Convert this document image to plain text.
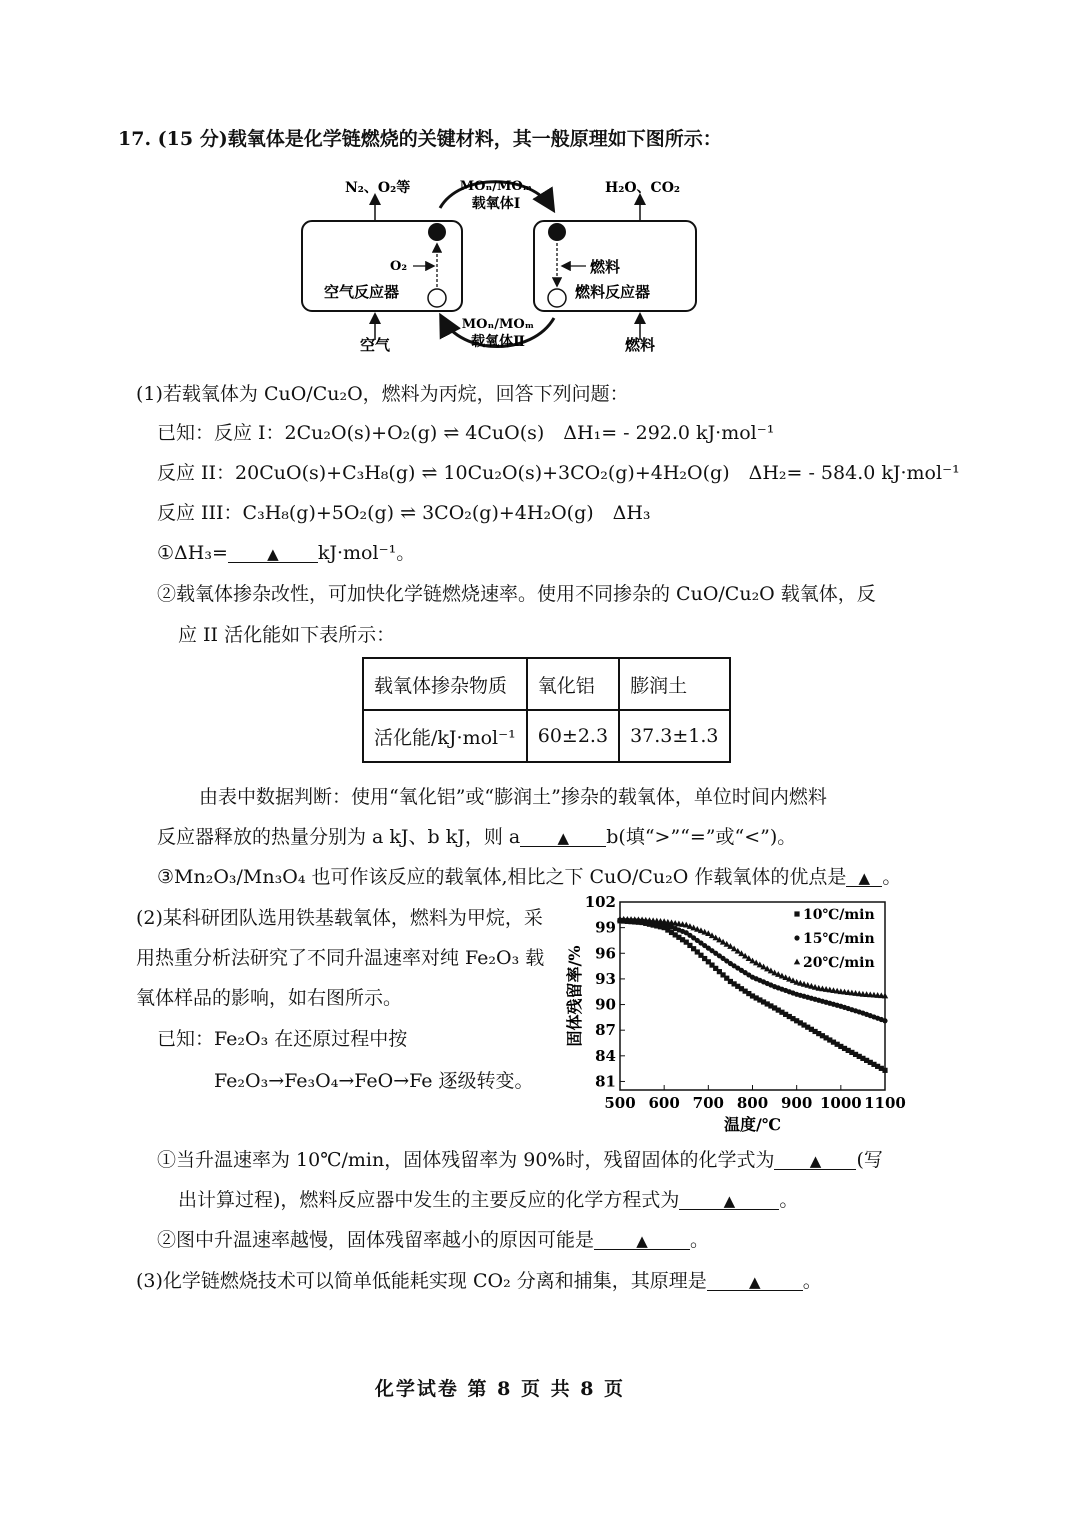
17. (15 分)载氧体是化学链燃烧的关键材料，其一般原理如下图所示：
N₂、O₂等	H₂O、CO₂
MOₙ/MOₘ
载氧体Ⅰ
MOₙ/MOₘ
载氧体Ⅱ
O₂
空气反应器
燃料
燃料反应器
空气	燃料
(1)若载氧体为 CuO/Cu₂O，燃料为丙烷，回答下列问题：
已知：反应 I：2Cu₂O(s)+O₂(g) ⇌ 4CuO(s)　ΔH₁= - 292.0 kJ·mol⁻¹
反应 II：20CuO(s)+C₃H₈(g) ⇌ 10Cu₂O(s)+3CO₂(g)+4H₂O(g)　ΔH₂= - 584.0 kJ·mol⁻¹
反应 III：C₃H₈(g)+5O₂(g) ⇌ 3CO₂(g)+4H₂O(g)　ΔH₃
①ΔH₃=	▲ kJ·mol⁻¹。
②载氧体掺杂改性，可加快化学链燃烧速率。使用不同掺杂的 CuO/Cu₂O 载氧体，反
应 II 活化能如下表所示：
载氧体掺杂物质	氧化铝	膨润土
活化能/kJ·mol⁻¹	60±2.3	37.3±1.3
由表中数据判断：使用“氧化铝”或“膨润土”掺杂的载氧体，单位时间内燃料
反应器释放的热量分别为 a kJ、b kJ，则 a ▲ b(填“>”“=”或“<”)。
③Mn₂O₃/Mn₃O₄ 也可作该反应的载氧体,相比之下 CuO/Cu₂O 作载氧体的优点是 ▲ 。
(2)某科研团队选用铁基载氧体，燃料为甲烷，采
用热重分析法研究了不同升温速率对纯 Fe₂O₃ 载
氧体样品的影响，如右图所示。
已知：Fe₂O₃ 在还原过程中按
Fe₂O₃→Fe₃O₄→FeO→Fe 逐级转变。
500 600 700 800 900 1000 1100
81
84
87
90
93
96
99
102
温度/℃
固体残留率/%
10℃/min
15℃/min
20℃/min
①当升温速率为 10℃/min，固体残留率为 90%时，残留固体的化学式为 ▲ (写
出计算过程)，燃料反应器中发生的主要反应的化学方程式为	▲ 。
②图中升温速率越慢，固体残留率越小的原因可能是	▲ 。
(3)化学链燃烧技术可以简单低能耗实现 CO₂ 分离和捕集，其原理是	▲ 。
化学试卷 第 8 页 共 8 页
